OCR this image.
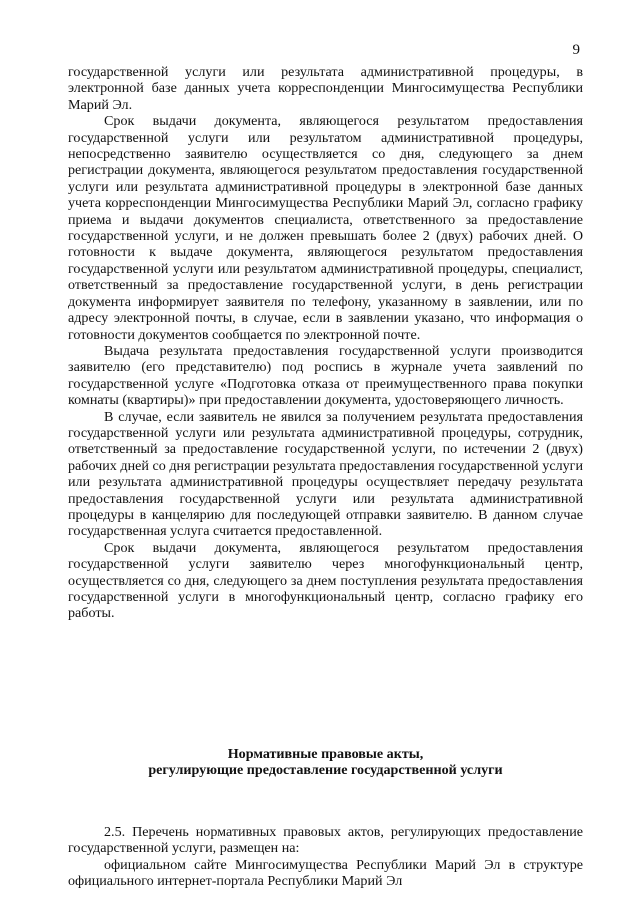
9

государственной услуги или результата административной процедуры, в электронной базе данных учета корреспонденции Мингосимущества Республики Марий Эл.

Срок выдачи документа, являющегося результатом предоставления государственной услуги или результатом административной процедуры, непосредственно заявителю осуществляется со дня, следующего за днем регистрации документа, являющегося результатом предоставления государственной услуги или результата административной процедуры в электронной базе данных учета корреспонденции Мингосимущества Республики Марий Эл, согласно графику приема и выдачи документов специалиста, ответственного за предоставление государственной услуги, и не должен превышать более 2 (двух) рабочих дней. О готовности к выдаче документа, являющегося результатом предоставления государственной услуги или результатом административной процедуры, специалист, ответственный за предоставление государственной услуги, в день регистрации документа информирует заявителя по телефону, указанному в заявлении, или по адресу электронной почты, в случае, если в заявлении указано, что информация о готовности документов сообщается по электронной почте.

Выдача результата предоставления государственной услуги производится заявителю (его представителю) под роспись в журнале учета заявлений по государственной услуге «Подготовка отказа от преимущественного права покупки комнаты (квартиры)» при предоставлении документа, удостоверяющего личность.

В случае, если заявитель не явился за получением результата предоставления государственной услуги или результата административной процедуры, сотрудник, ответственный за предоставление государственной услуги, по истечении 2 (двух) рабочих дней со дня регистрации результата предоставления государственной услуги или результата административной процедуры осуществляет передачу результата предоставления государственной услуги или результата административной процедуры в канцелярию для последующей отправки заявителю. В данном случае государственная услуга считается предоставленной.

Срок выдачи документа, являющегося результатом предоставления государственной услуги заявителю через многофункциональный центр, осуществляется со дня, следующего за днем поступления результата предоставления государственной услуги в многофункциональный центр, согласно графику его работы.

Нормативные правовые акты,
регулирующие предоставление государственной услуги

2.5. Перечень нормативных правовых актов, регулирующих предоставление государственной услуги, размещен на:

официальном сайте Мингосимущества Республики Марий Эл в структуре официального интернет-портала Республики Марий Эл
